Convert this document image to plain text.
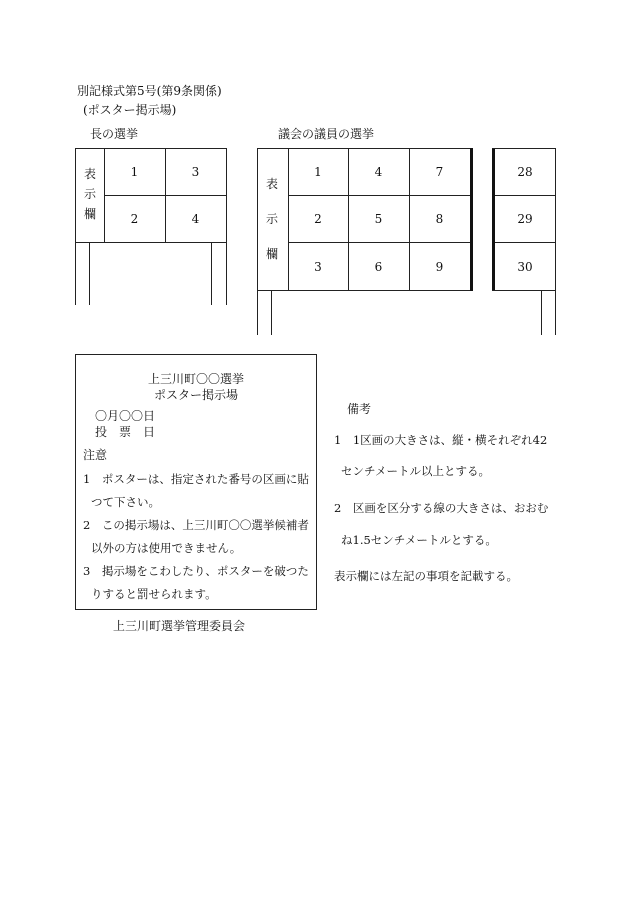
別記様式第5号(第9条関係)
(ポスター掲示場)
長の選挙	議会の議員の選挙
表
示
欄
1	3
2	4
表
示
欄
1	4	7
2	5	8
3	6	9
28
29
30
上三川町〇〇選挙
ポスター掲示場
〇月〇〇日
投　票　日
注意
1　ポスターは、指定された番号の区画に貼
つて下さい。
2　この掲示場は、上三川町〇〇選挙候補者
以外の方は使用できません。
3　掲示場をこわしたり、ポスターを破つた
りすると罰せられます。
上三川町選挙管理委員会
備考
1　1区画の大きさは、縦・横それぞれ42
センチメートル以上とする。
2　区画を区分する線の大きさは、おおむ
ね1.5センチメートルとする。
表示欄には左記の事項を記載する。
